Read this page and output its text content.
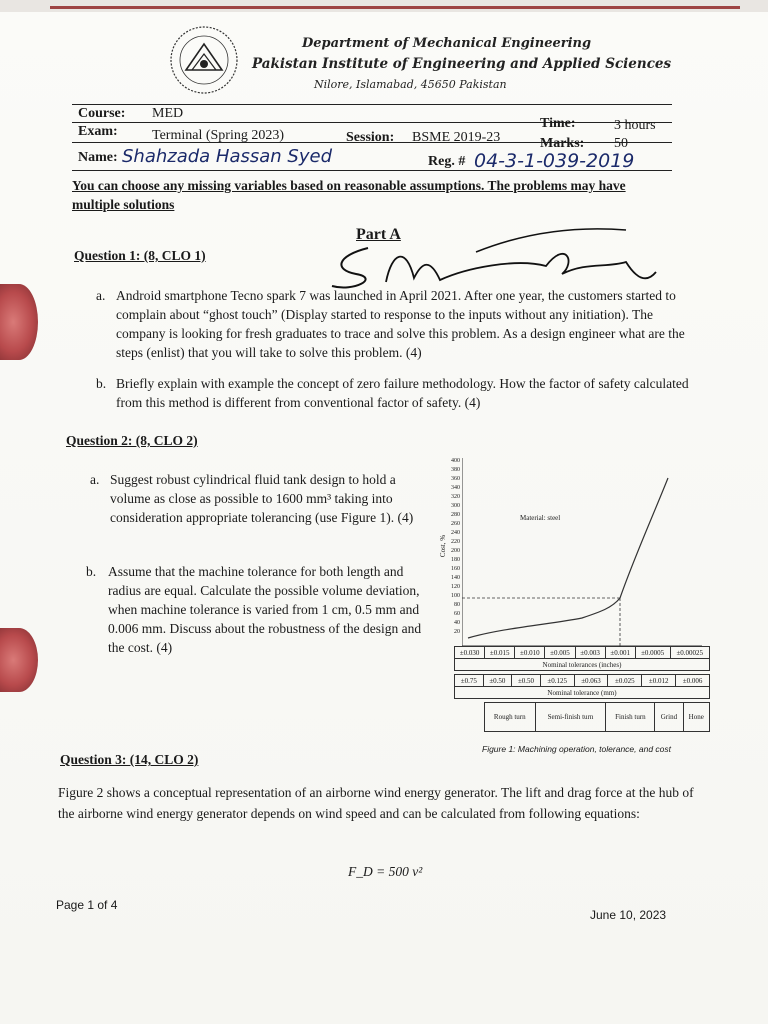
Department of Mechanical Engineering
Pakistan Institute of Engineering and Applied Sciences
Nilore, Islamabad, 45650 Pakistan
Course: MED
Time:	3 hours
Exam: Terminal (Spring 2023)	Session: BSME 2019-23	Marks: 50
Name: Shahzada Hassan Syed	Reg. # 04-3-1-039-2019
You can choose any missing variables based on reasonable assumptions. The problems may have
multiple solutions
Part A
Question 1: (8, CLO 1)
a. Android smartphone Tecno spark 7 was launched in April 2021. After one year, the customers started to complain about “ghost touch” (Display started to response to the inputs without any initiation). The company is looking for fresh graduates to trace and solve this problem. As a design engineer what are the steps (enlist) that you will take to solve this problem. (4)
b. Briefly explain with example the concept of zero failure methodology. How the factor of safety calculated from this method is different from conventional factor of safety. (4)
Question 2: (8, CLO 2)
a. Suggest robust cylindrical fluid tank design to hold a volume as close as possible to 1600 mm³ taking into consideration appropriate tolerancing (use Figure 1). (4)
b. Assume that the machine tolerance for both length and radius are equal. Calculate the possible volume deviation, when machine tolerance is varied from 1 cm, 0.5 mm and 0.006 mm. Discuss about the robustness of the design and the cost. (4)
400
380
360
340
320
300
280
260
240
220
200
180
160
140
120
100
80
60
40
20
Cost, %
Material: steel
±0.030	±0.015	±0.010	±0.005	±0.003	±0.001	±0.0005	±0.00025
Nominal tolerances (inches)
±0.75	±0.50	±0.50	±0.125	±0.063	±0.025	±0.012	±0.006
Nominal tolerance (mm)
Rough turn	Semi-finish turn	Finish turn	Grind	Hone
Figure 1: Machining operation, tolerance, and cost
Question 3: (14, CLO 2)
Figure 2 shows a conceptual representation of an airborne wind energy generator. The lift and drag force at the hub of the airborne wind energy generator depends on wind speed and can be calculated from following equations:
F_D = 500 v²
Page 1 of 4
June 10, 2023
